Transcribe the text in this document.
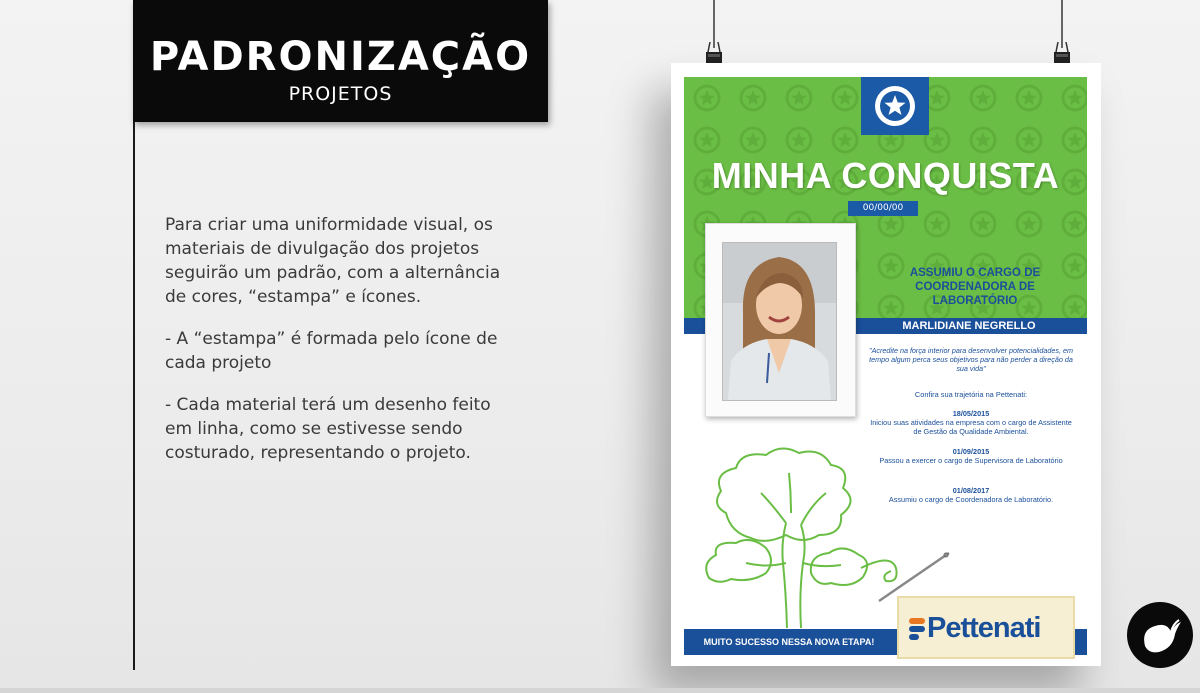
PADRONIZAÇÃO
PROJETOS

Para criar uma uniformidade visual, os materiais de divulgação dos projetos seguirão um padrão, com a alternância de cores, “estampa” e ícones.

- A “estampa” é formada pelo ícone de cada projeto

- Cada material terá um desenho feito em linha, como se estivesse sendo costurado, representando o projeto.

MINHA CONQUISTA
00/00/00
ASSUMIU O CARGO DE COORDENADORA DE LABORATÓRIO
MARLIDIANE NEGRELLO
"Acredite na força interior para desenvolver potencialidades, em tempo algum perca seus objetivos para não perder a direção da sua vida"
Confira sua trajetória na Pettenati:
18/05/2015
Iniciou suas atividades na empresa com o cargo de Assistente de Gestão da Qualidade Ambiental.
01/09/2015
Passou a exercer o cargo de Supervisora de Laboratório
01/08/2017
Assumiu o cargo de Coordenadora de Laboratório.
MUITO SUCESSO NESSA NOVA ETAPA!	Pettenati
